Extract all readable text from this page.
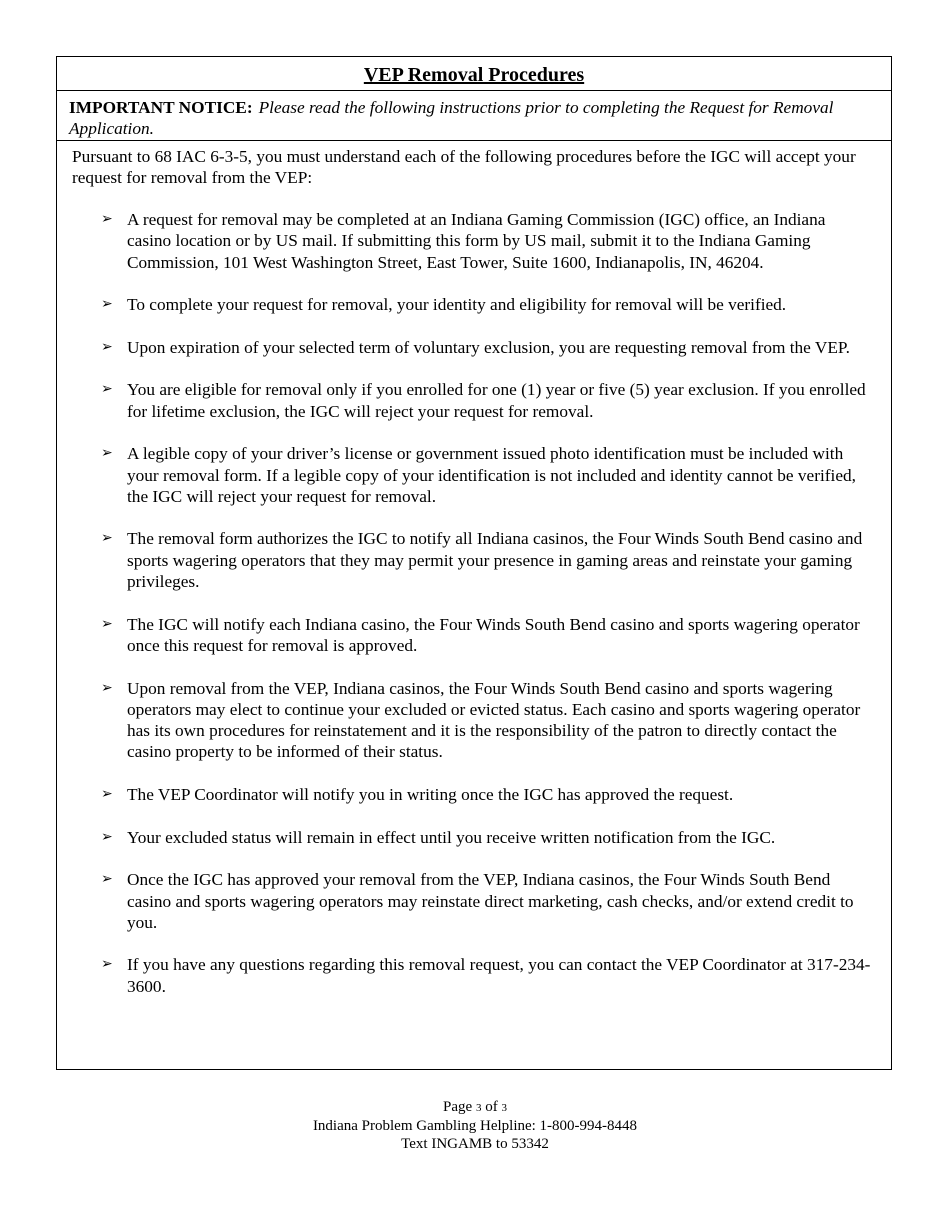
VEP Removal Procedures
IMPORTANT NOTICE: Please read the following instructions prior to completing the Request for Removal Application.

Pursuant to 68 IAC 6-3-5, you must understand each of the following procedures before the IGC will accept your request for removal from the VEP:

➢ A request for removal may be completed at an Indiana Gaming Commission (IGC) office, an Indiana casino location or by US mail. If submitting this form by US mail, submit it to the Indiana Gaming Commission, 101 West Washington Street, East Tower, Suite 1600, Indianapolis, IN, 46204.
➢ To complete your request for removal, your identity and eligibility for removal will be verified.
➢ Upon expiration of your selected term of voluntary exclusion, you are requesting removal from the VEP.
➢ You are eligible for removal only if you enrolled for one (1) year or five (5) year exclusion. If you enrolled for lifetime exclusion, the IGC will reject your request for removal.
➢ A legible copy of your driver’s license or government issued photo identification must be included with your removal form. If a legible copy of your identification is not included and identity cannot be verified, the IGC will reject your request for removal.
➢ The removal form authorizes the IGC to notify all Indiana casinos, the Four Winds South Bend casino and sports wagering operators that they may permit your presence in gaming areas and reinstate your gaming privileges.
➢ The IGC will notify each Indiana casino, the Four Winds South Bend casino and sports wagering operator once this request for removal is approved.
➢ Upon removal from the VEP, Indiana casinos, the Four Winds South Bend casino and sports wagering operators may elect to continue your excluded or evicted status. Each casino and sports wagering operator has its own procedures for reinstatement and it is the responsibility of the patron to directly contact the casino property to be informed of their status.
➢ The VEP Coordinator will notify you in writing once the IGC has approved the request.
➢ Your excluded status will remain in effect until you receive written notification from the IGC.
➢ Once the IGC has approved your removal from the VEP, Indiana casinos, the Four Winds South Bend casino and sports wagering operators may reinstate direct marketing, cash checks, and/or extend credit to you.
➢ If you have any questions regarding this removal request, you can contact the VEP Coordinator at 317-234- 3600.
Page 3 of 3
Indiana Problem Gambling Helpline: 1-800-994-8448
Text INGAMB to 53342
